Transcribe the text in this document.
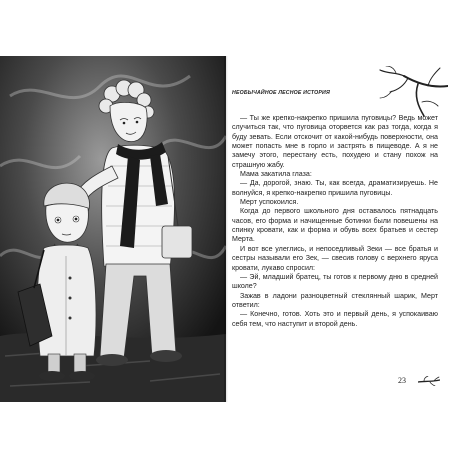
НЕОБЫЧАЙНОЕ ЛЕСНОЕ ИСТОРИЯ

— Ты же крепко-накрепко пришила пуговицы? Ведь может случиться так, что пуговица оторвется как раз тогда, когда я буду зевать. Если отскочит от какой-нибудь поверхности, она может попасть мне в горло и застрять в пищеводе. А я не замечу этого, перестану есть, похудею и стану похож на страшную жабу.

Мама закатила глаза:

— Да, дорогой, знаю. Ты, как всегда, драматизируешь. Не волнуйся, я крепко-накрепко пришила пуговицы.

Мерт успокоился.

Когда до первого школьного дня оставалось пятнадцать часов, его форма и начищенные ботинки были повешены на спинку кровати, как и форма и обувь всех братьев и сестер Мерта.

И вот все улеглись, и непоседливый Зеки — все братья и сестры называли его Зек, — свесив голову с верхнего яруса кровати, лукаво спросил:

— Эй, младший братец, ты готов к первому дню в средней школе?

Зажав в ладони разноцветный стеклянный шарик, Мерт ответил:

— Конечно, готов. Хоть это и первый день, я успокаиваю себя тем, что наступит и второй день.

23
